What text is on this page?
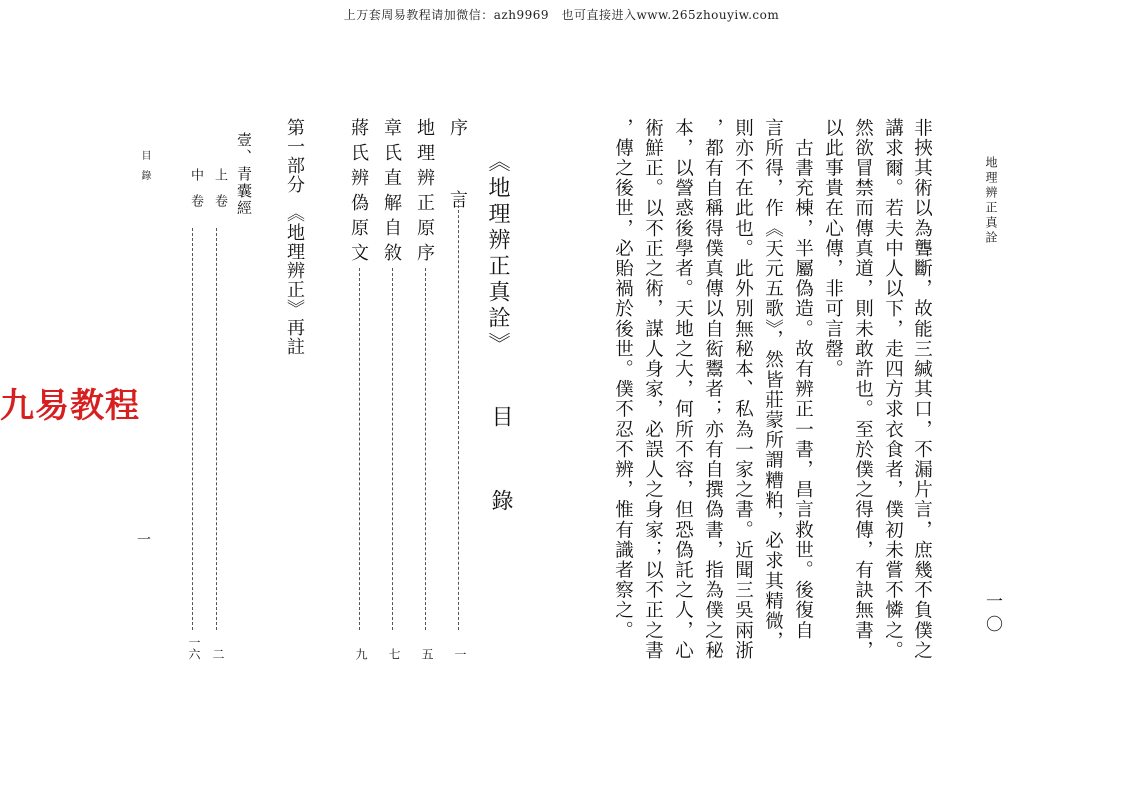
上万套周易教程请加微信：azh9969　也可直接进入www.265zhouyiw.com
地理辨正真詮
一〇
非挾其術以為聾斷，故能三緘其口，不漏片言，庶幾不負僕之
講求爾。若夫中人以下，走四方求衣食者，僕初未嘗不憐之。
然欲冒禁而傳真道，則未敢許也。至於僕之得傳，有訣無書，
以此事貴在心傳，非可言罄。
　古書充棟，半屬偽造。故有辨正一書，昌言救世。後復自
言所得，作《天元五歌》，然皆莊蒙所謂糟粕，必求其精微，
則亦不在此也。此外別無秘本、私為一家之書。近聞三吳兩浙
，都有自稱得僕真傳以自衒鬻者；亦有自撰偽書，指為僕之秘
本，以謍惑後學者。天地之大，何所不容，但恐偽託之人，心
術鮮正。以不正之術，謀人身家，必誤人之身家；以不正之書
，傳之後世，必貽禍於後世。僕不忍不辨，惟有識者察之。
《地理辨正真詮》
目　錄
序　　言
一
地理辨正原序
五
章氏直解自敘
七
蔣氏辨偽原文
九
第一部分　《地理辨正》再註
壹、青囊經
上　卷
二
中　卷
一六
目　錄
一
九易教程
